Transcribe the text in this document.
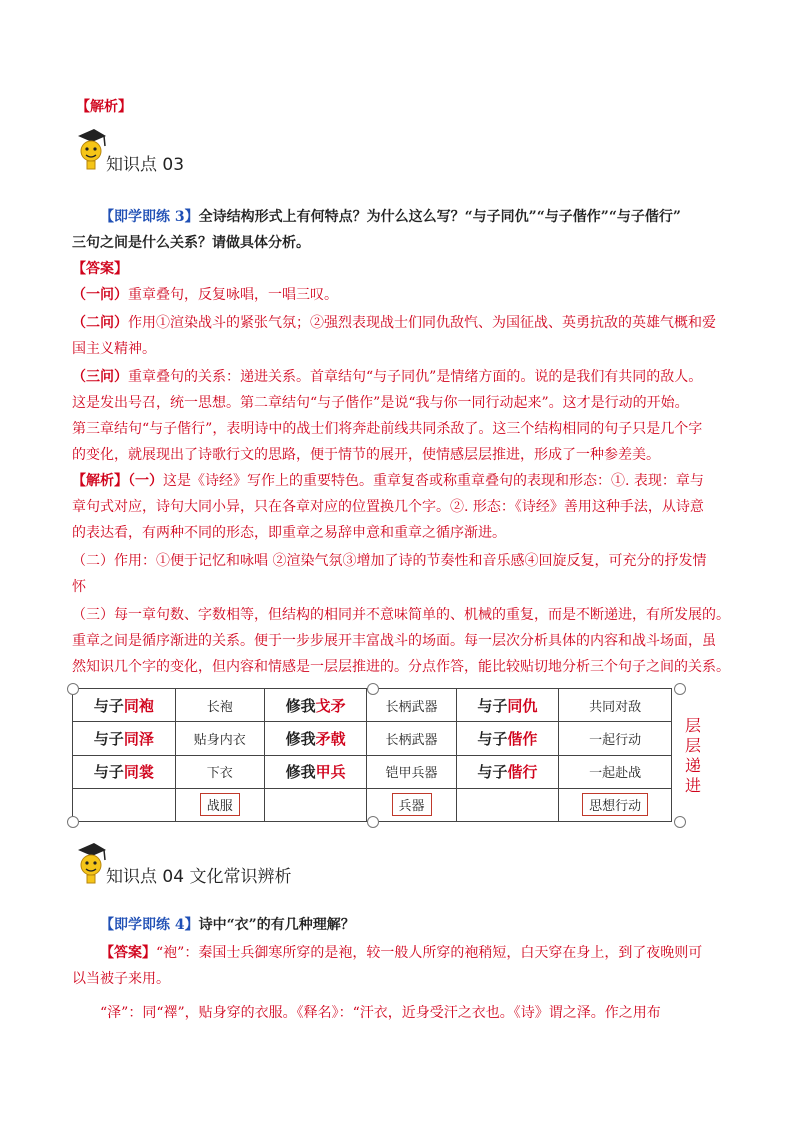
【解析】
知识点 03
【即学即练 3】全诗结构形式上有何特点？为什么这么写？“与子同仇”“与子偕作”“与子偕行”
三句之间是什么关系？请做具体分析。
【答案】
（一问）重章叠句，反复咏唱，一唱三叹。
（二问）作用①渲染战斗的紧张气氛；②强烈表现战士们同仇敌忾、为国征战、英勇抗敌的英雄气概和爱
国主义精神。
（三问）重章叠句的关系：递进关系。首章结句“与子同仇”是情绪方面的。说的是我们有共同的敌人。
这是发出号召，统一思想。第二章结句“与子偕作”是说“我与你一同行动起来”。这才是行动的开始。
第三章结句“与子偕行”，表明诗中的战士们将奔赴前线共同杀敌了。这三个结构相同的句子只是几个字
的变化，就展现出了诗歌行文的思路，便于情节的展开，使情感层层推进，形成了一种参差美。
【解析】（一）这是《诗经》写作上的重要特色。重章复沓或称重章叠句的表现和形态：①. 表现：章与
章句式对应，诗句大同小异，只在各章对应的位置换几个字。②. 形态：《诗经》善用这种手法，从诗意
的表达看，有两种不同的形态，即重章之易辞申意和重章之循序渐进。
（二）作用：①便于记忆和咏唱 ②渲染气氛③增加了诗的节奏性和音乐感④回旋反复，可充分的抒发情
怀
（三）每一章句数、字数相等，但结构的相同并不意味简单的、机械的重复，而是不断递进，有所发展的。
重章之间是循序渐进的关系。便于一步步展开丰富战斗的场面。每一层次分析具体的内容和战斗场面，虽
然知识几个字的变化，但内容和情感是一层层推进的。分点作答，能比较贴切地分析三个句子之间的关系。
与子同袍	长袍	修我戈矛	长柄武器	与子同仇	共同对敌
与子同泽	贴身内衣	修我矛戟	长柄武器	与子偕作	一起行动
与子同裳	下衣	修我甲兵	铠甲兵器	与子偕行	一起赴战
	战服		兵器		思想行动
层层递进
知识点 04 文化常识辨析
【即学即练 4】诗中“衣”的有几种理解？
【答案】“袍”：秦国士兵御寒所穿的是袍，较一般人所穿的袍稍短，白天穿在身上，到了夜晚则可
以当被子来用。
“泽”：同“襗”，贴身穿的衣服。《释名》：“汗衣，近身受汗之衣也。《诗》谓之泽。作之用布
